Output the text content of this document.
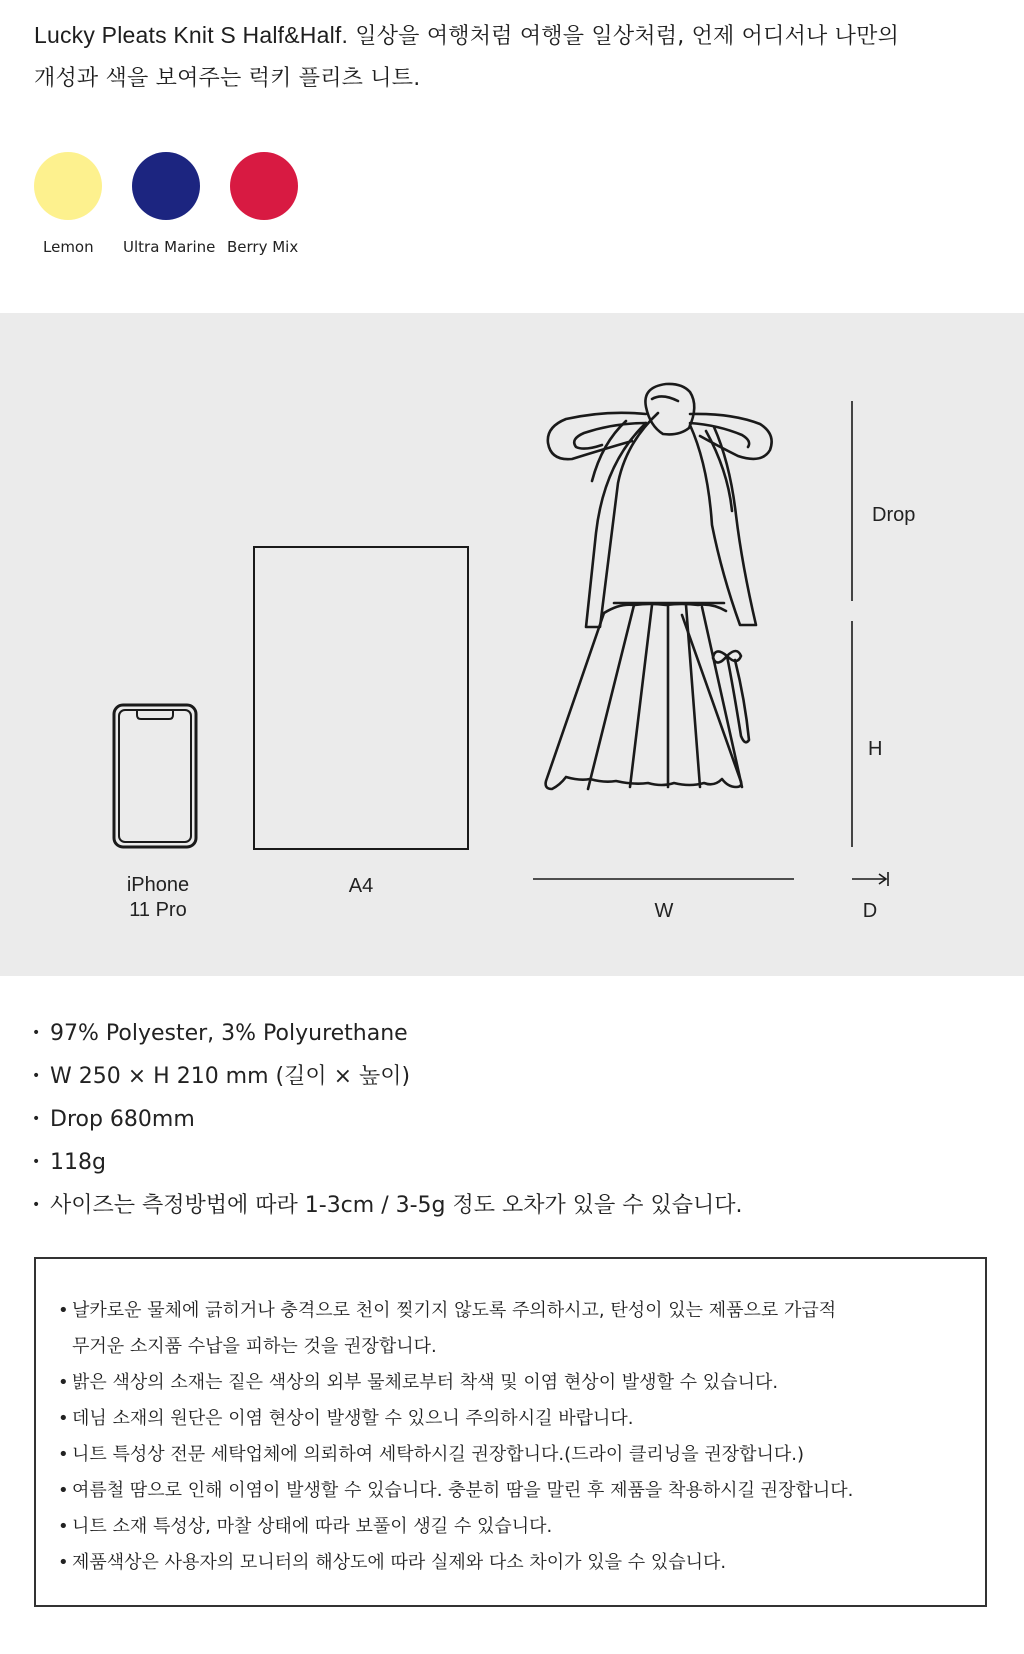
Lucky Pleats Knit S Half&Half. 일상을 여행처럼 여행을 일상처럼, 언제 어디서나 나만의
개성과 색을 보여주는 럭키 플리츠 니트.
Lemon Ultra Marine Berry Mix
iPhone
11 Pro
A4
Drop
H
W	D
• 97% Polyester, 3% Polyurethane
• W 250 × H 210 mm (길이 × 높이)
• Drop 680mm
• 118g
• 사이즈는 측정방법에 따라 1-3cm / 3-5g 정도 오차가 있을 수 있습니다.
• 날카로운 물체에 긁히거나 충격으로 천이 찢기지 않도록 주의하시고, 탄성이 있는 제품으로 가급적
무거운 소지품 수납을 피하는 것을 권장합니다.
• 밝은 색상의 소재는 짙은 색상의 외부 물체로부터 착색 및 이염 현상이 발생할 수 있습니다.
• 데님 소재의 원단은 이염 현상이 발생할 수 있으니 주의하시길 바랍니다.
• 니트 특성상 전문 세탁업체에 의뢰하여 세탁하시길 권장합니다.(드라이 클리닝을 권장합니다.)
• 여름철 땀으로 인해 이염이 발생할 수 있습니다. 충분히 땀을 말린 후 제품을 착용하시길 권장합니다.
• 니트 소재 특성상, 마찰 상태에 따라 보풀이 생길 수 있습니다.
• 제품색상은 사용자의 모니터의 해상도에 따라 실제와 다소 차이가 있을 수 있습니다.
